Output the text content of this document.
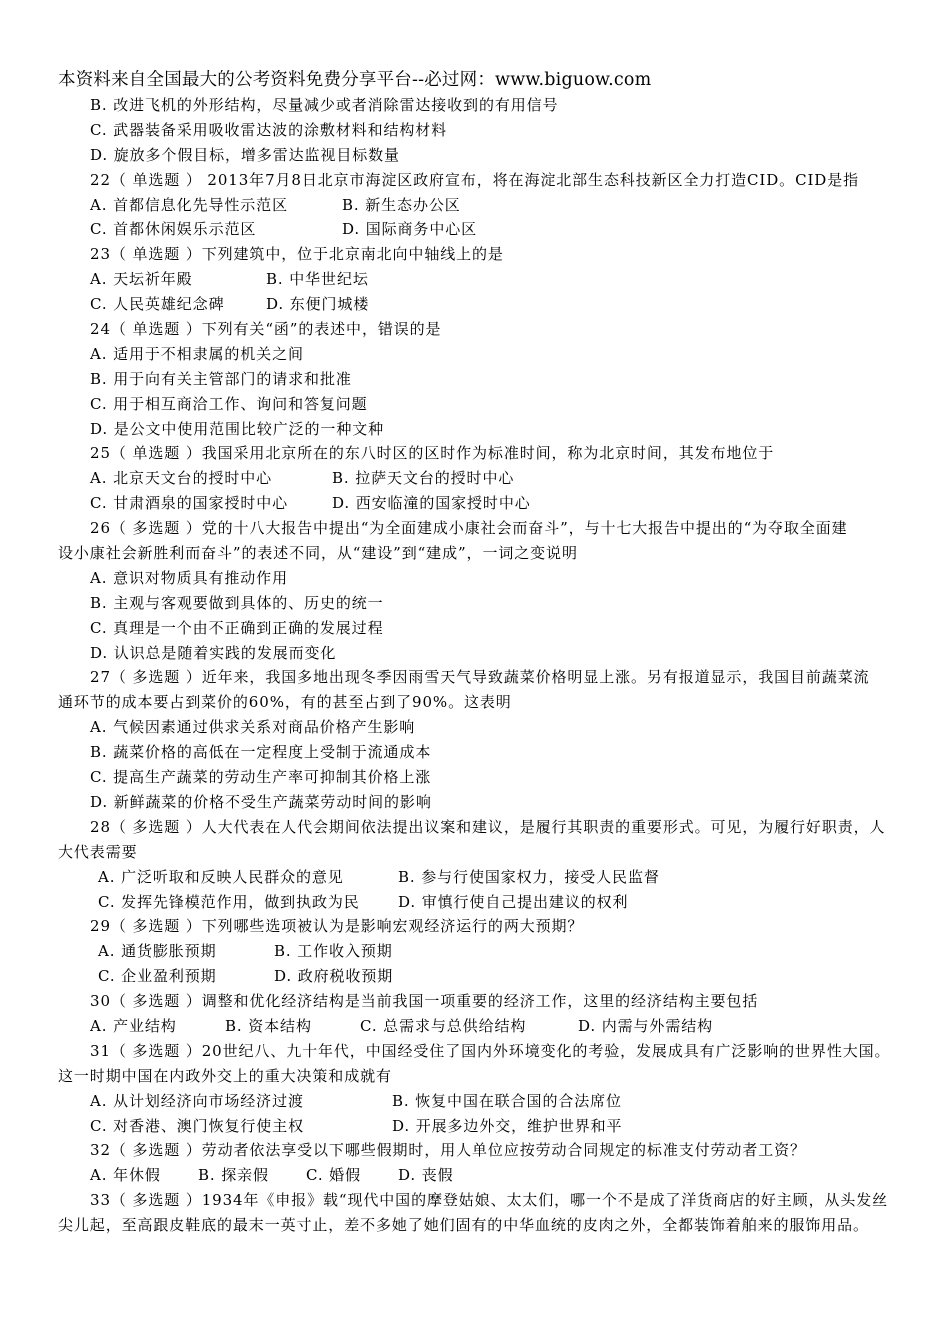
本资料来自全国最大的公考资料免费分享平台--必过网：www.biguow.com
B. 改进飞机的外形结构，尽量减少或者消除雷达接收到的有用信号
C. 武器装备采用吸收雷达波的涂敷材料和结构材料
D. 旋放多个假目标，增多雷达监视目标数量
22（ 单选题 ） 2013年7月8日北京市海淀区政府宣布，将在海淀北部生态科技新区全力打造CID。CID是指
A. 首都信息化先导性示范区	B. 新生态办公区
C. 首都休闲娱乐示范区	D. 国际商务中心区
23（ 单选题 ）下列建筑中，位于北京南北向中轴线上的是
A. 天坛祈年殿	B. 中华世纪坛
C. 人民英雄纪念碑	D. 东便门城楼
24（ 单选题 ）下列有关“函”的表述中，错误的是
A. 适用于不相隶属的机关之间
B. 用于向有关主管部门的请求和批准
C. 用于相互商洽工作、询问和答复问题
D. 是公文中使用范围比较广泛的一种文种
25（ 单选题 ）我国采用北京所在的东八时区的区时作为标准时间，称为北京时间，其发布地位于
A. 北京天文台的授时中心	B. 拉萨天文台的授时中心
C. 甘肃酒泉的国家授时中心	D. 西安临潼的国家授时中心
26（ 多选题 ）党的十八大报告中提出“为全面建成小康社会而奋斗”，与十七大报告中提出的“为夺取全面建
设小康社会新胜利而奋斗”的表述不同，从“建设”到“建成”，一词之变说明
A. 意识对物质具有推动作用
B. 主观与客观要做到具体的、历史的统一
C. 真理是一个由不正确到正确的发展过程
D. 认识总是随着实践的发展而变化
27（ 多选题 ）近年来，我国多地出现冬季因雨雪天气导致蔬菜价格明显上涨。另有报道显示，我国目前蔬菜流
通环节的成本要占到菜价的60%，有的甚至占到了90%。这表明
A. 气候因素通过供求关系对商品价格产生影响
B. 蔬菜价格的高低在一定程度上受制于流通成本
C. 提高生产蔬菜的劳动生产率可抑制其价格上涨
D. 新鲜蔬菜的价格不受生产蔬菜劳动时间的影响
28（ 多选题 ）人大代表在人代会期间依法提出议案和建议，是履行其职责的重要形式。可见，为履行好职责，人
大代表需要
A. 广泛听取和反映人民群众的意见	B. 参与行使国家权力，接受人民监督
C. 发挥先锋模范作用，做到执政为民	D. 审慎行使自己提出建议的权利
29（ 多选题 ）下列哪些选项被认为是影响宏观经济运行的两大预期？
A. 通货膨胀预期	B. 工作收入预期
C. 企业盈利预期	D. 政府税收预期
30（ 多选题 ）调整和优化经济结构是当前我国一项重要的经济工作，这里的经济结构主要包括
A. 产业结构	B. 资本结构	C. 总需求与总供给结构	D. 内需与外需结构
31（ 多选题 ）20世纪八、九十年代，中国经受住了国内外环境变化的考验，发展成具有广泛影响的世界性大国。
这一时期中国在内政外交上的重大决策和成就有
A. 从计划经济向市场经济过渡	B. 恢复中国在联合国的合法席位
C. 对香港、澳门恢复行使主权	D. 开展多边外交，维护世界和平
32（ 多选题 ）劳动者依法享受以下哪些假期时，用人单位应按劳动合同规定的标准支付劳动者工资？
A. 年休假 B. 探亲假 C. 婚假 D. 丧假
33（ 多选题 ）1934年《申报》载“现代中国的摩登姑娘、太太们，哪一个不是成了洋货商店的好主顾，从头发丝
尖儿起，至高跟皮鞋底的最末一英寸止，差不多她了她们固有的中华血统的皮肉之外，全都装饰着舶来的服饰用品。
